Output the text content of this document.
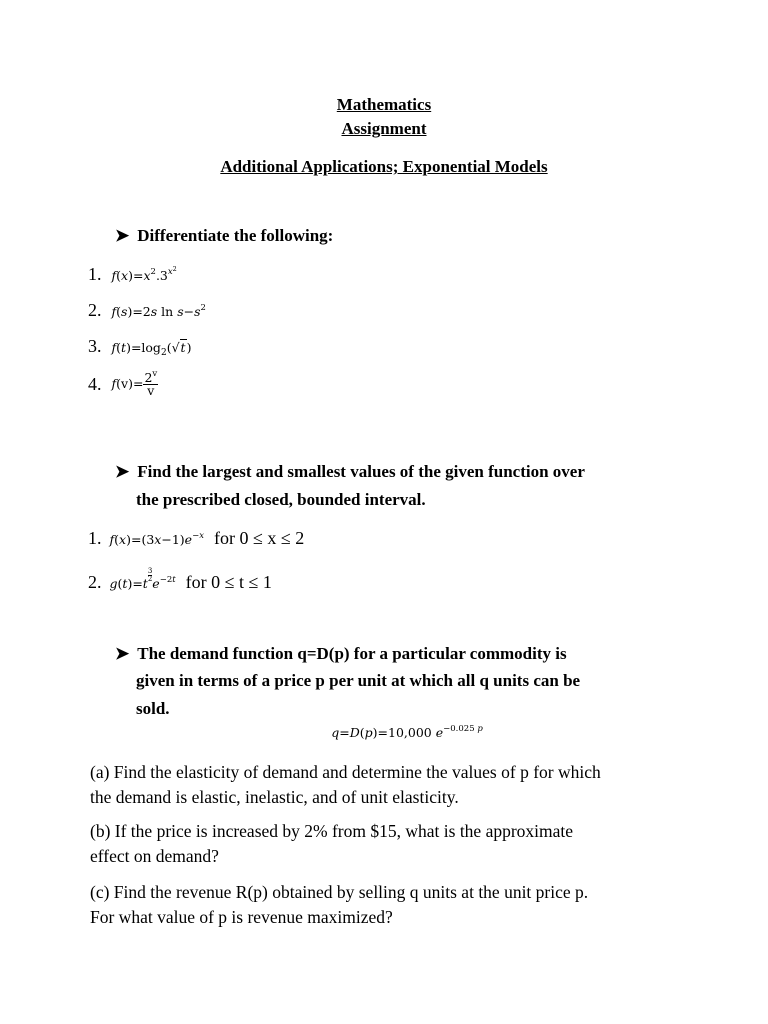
Mathematics
Assignment
Additional Applications; Exponential Models
➤ Differentiate the following:
1. $f(x)=x^2.3^{x^2}$
2. f(s)=2s $\ln s-s^2$
3. $f(t)=\log_2(√t)$
4. $f(v)= \frac{2^v}{v}$
➤ Find the largest and smallest values of the given function over
the prescribed closed, bounded interval.
1. $f(x)=(3x-1)e^{-x}$ for 0 ≤ x ≤ 2
2. g(t)=t
$^{\frac{3}{2}}$
$e^{-2t}$ for 0 ≤ t ≤ 1
➤ The demand function q=D(p) for a particular commodity is
given in terms of a price p per unit at which all q units can be
sold.
q=D(p)=10,000 $e^{-0.025 p}$
(a) Find the elasticity of demand and determine the values of p for which
the demand is elastic, inelastic, and of unit elasticity.
(b) If the price is increased by 2% from $15, what is the approximate
effect on demand?
(c) Find the revenue R(p) obtained by selling q units at the unit price p.
For what value of p is revenue maximized?
